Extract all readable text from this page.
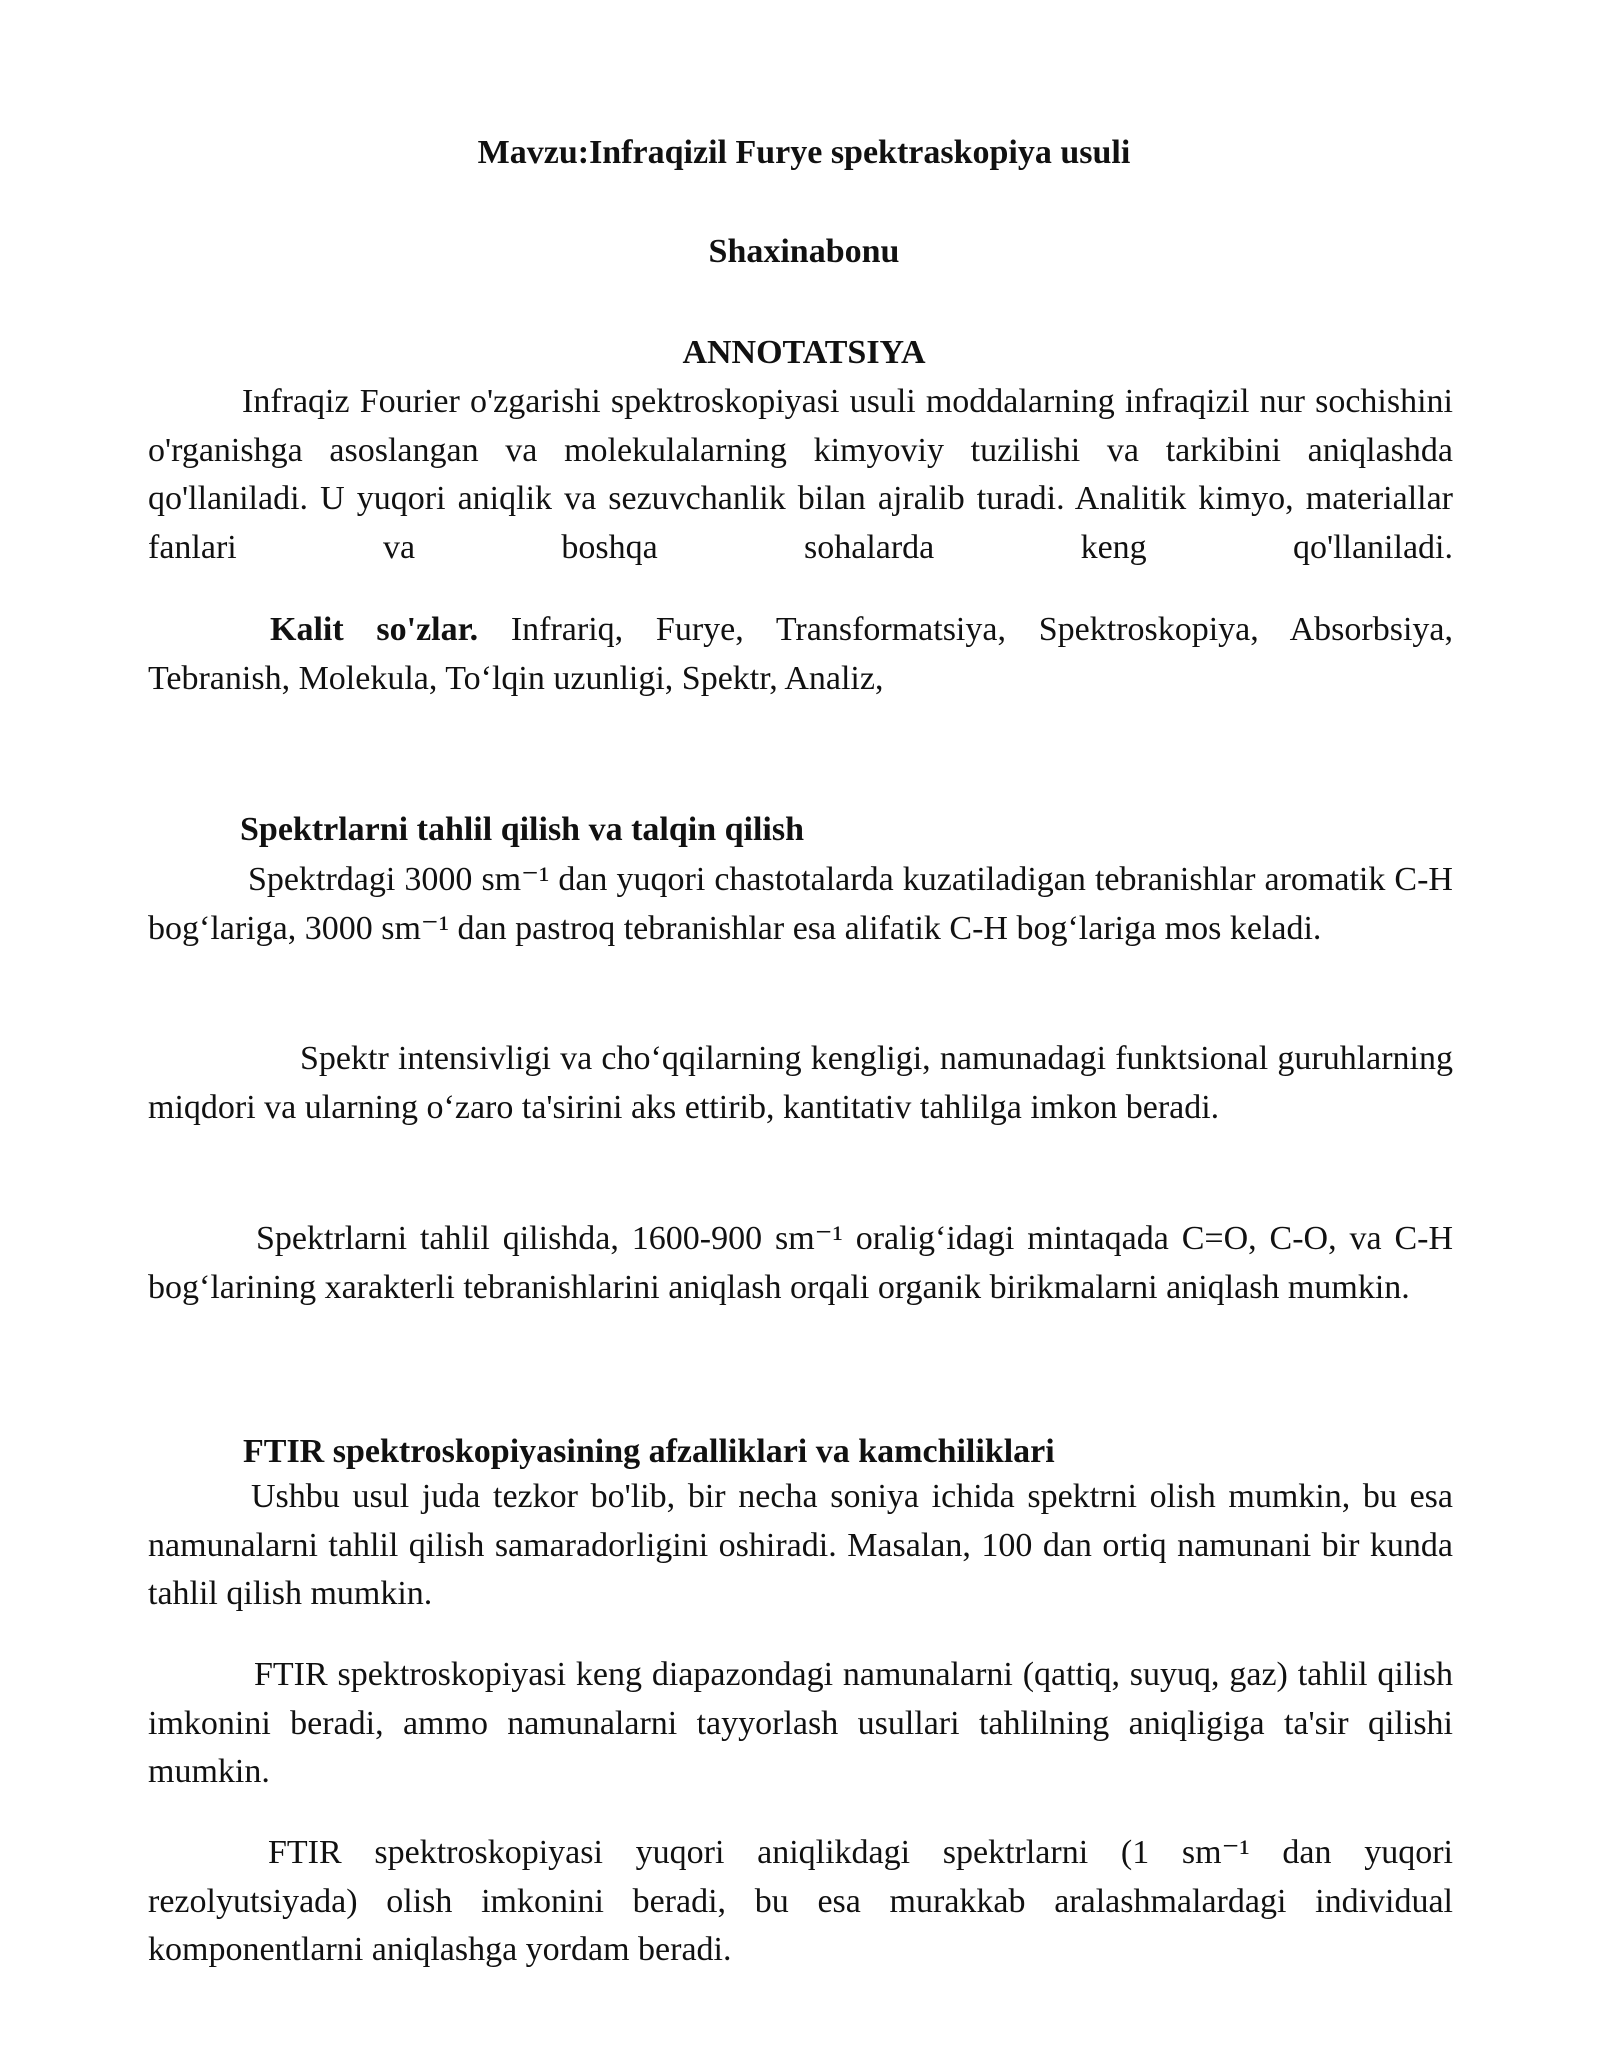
Mavzu:Infraqizil Furye spektraskopiya usuli
Shaxinabonu
ANNOTATSIYA

Infraqiz Fourier o'zgarishi spektroskopiyasi usuli moddalarning infraqizil nur sochishini o'rganishga asoslangan va molekulalarning kimyoviy tuzilishi va tarkibini aniqlashda qo'llaniladi. U yuqori aniqlik va sezuvchanlik bilan ajralib turadi. Analitik kimyo, materiallar fanlari va boshqa sohalarda keng qo'llaniladi.

Kalit so'zlar. Infrariq, Furye, Transformatsiya, Spektroskopiya, Absorbsiya, Tebranish, Molekula, To‘lqin uzunligi, Spektr, Analiz,

Spektrlarni tahlil qilish va talqin qilish

Spektrdagi 3000 sm⁻¹ dan yuqori chastotalarda kuzatiladigan tebranishlar aromatik C-H bog‘lariga, 3000 sm⁻¹ dan pastroq tebranishlar esa alifatik C-H bog‘lariga mos keladi.

Spektr intensivligi va cho‘qqilarning kengligi, namunadagi funktsional guruhlarning miqdori va ularning o‘zaro ta'sirini aks ettirib, kantitativ tahlilga imkon beradi.

Spektrlarni tahlil qilishda, 1600-900 sm⁻¹ oralig‘idagi mintaqada C=O, C-O, va C-H bog‘larining xarakterli tebranishlarini aniqlash orqali organik birikmalarni aniqlash mumkin.

FTIR spektroskopiyasining afzalliklari va kamchiliklari

Ushbu usul juda tezkor bo'lib, bir necha soniya ichida spektrni olish mumkin, bu esa namunalarni tahlil qilish samaradorligini oshiradi. Masalan, 100 dan ortiq namunani bir kunda tahlil qilish mumkin.

FTIR spektroskopiyasi keng diapazondagi namunalarni (qattiq, suyuq, gaz) tahlil qilish imkonini beradi, ammo namunalarni tayyorlash usullari tahlilning aniqligiga ta'sir qilishi mumkin.

FTIR spektroskopiyasi yuqori aniqlikdagi spektrlarni (1 sm⁻¹ dan yuqori rezolyutsiyada) olish imkonini beradi, bu esa murakkab aralashmalardagi individual komponentlarni aniqlashga yordam beradi.
